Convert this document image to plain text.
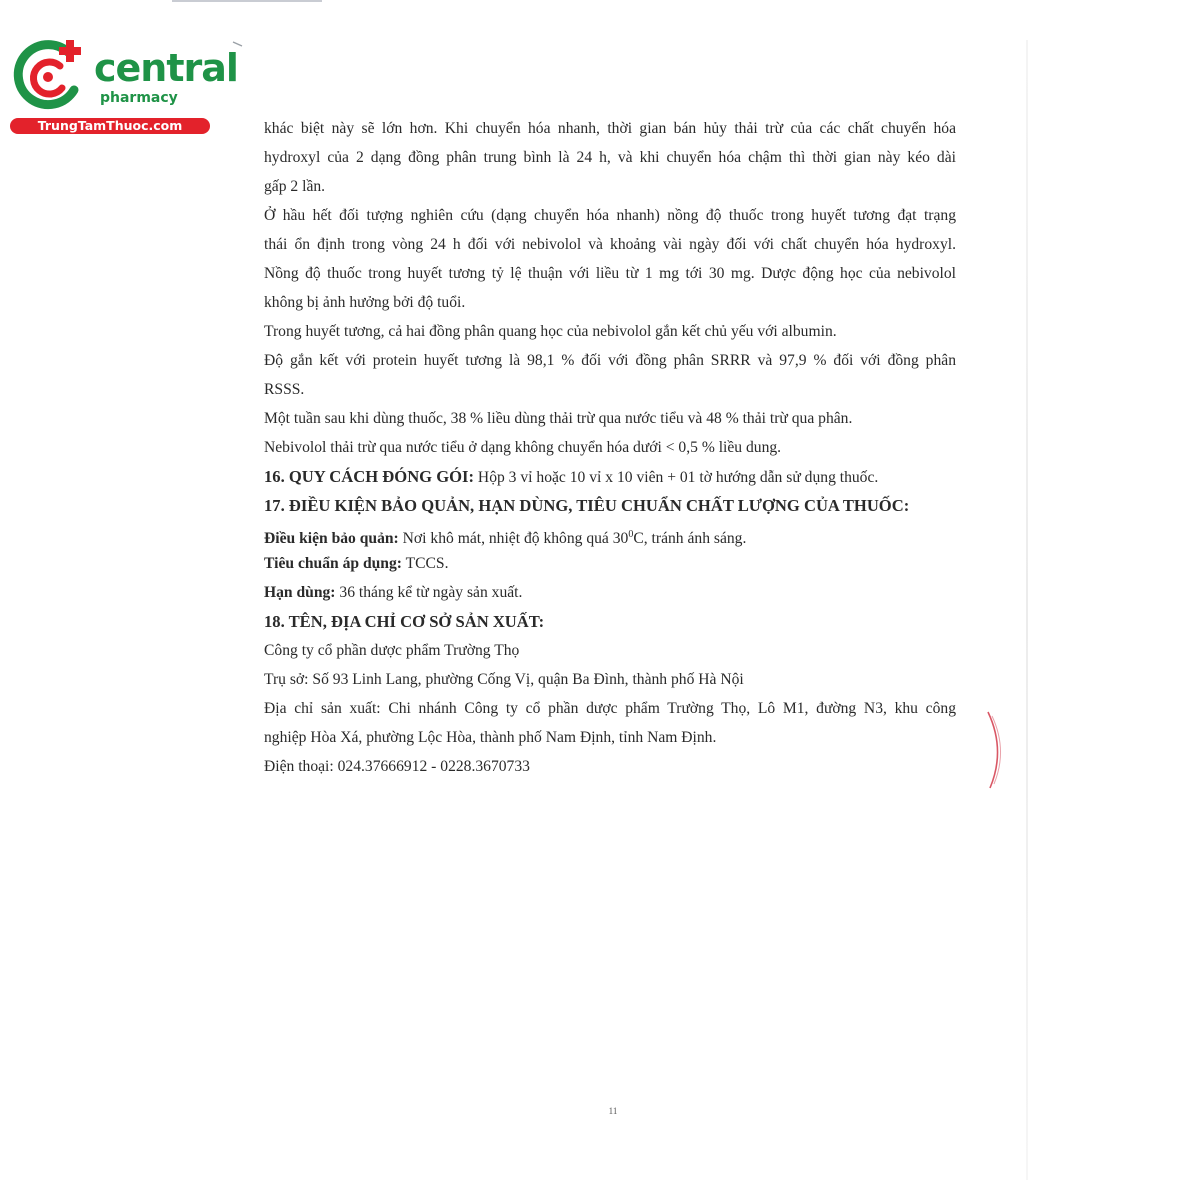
central
pharmacy
TrungTamThuoc.com	khác biệt này sẽ lớn hơn. Khi chuyển hóa nhanh, thời gian bán hủy thải trừ của các chất chuyển hóa
hydroxyl của 2 dạng đồng phân trung bình là 24 h, và khi chuyển hóa chậm thì thời gian này kéo dài
gấp 2 lần.
Ở hầu hết đối tượng nghiên cứu (dạng chuyển hóa nhanh) nồng độ thuốc trong huyết tương đạt trạng
thái ổn định trong vòng 24 h đối với nebivolol và khoảng vài ngày đối với chất chuyển hóa hydroxyl.
Nồng độ thuốc trong huyết tương tỷ lệ thuận với liều từ 1 mg tới 30 mg. Dược động học của nebivolol
không bị ảnh hưởng bởi độ tuổi.
Trong huyết tương, cả hai đồng phân quang học của nebivolol gắn kết chủ yếu với albumin.
Độ gắn kết với protein huyết tương là 98,1 % đối với đồng phân SRRR và 97,9 % đối với đồng phân
RSSS.
Một tuần sau khi dùng thuốc, 38 % liều dùng thải trừ qua nước tiểu và 48 % thải trừ qua phân.
Nebivolol thải trừ qua nước tiểu ở dạng không chuyển hóa dưới < 0,5 % liều dung.
16. QUY CÁCH ĐÓNG GÓI: Hộp 3 vỉ hoặc 10 vỉ x 10 viên + 01 tờ hướng dẫn sử dụng thuốc.
17. ĐIỀU KIỆN BẢO QUẢN, HẠN DÙNG, TIÊU CHUẨN CHẤT LƯỢNG CỦA THUỐC:
Điều kiện bảo quản: Nơi khô mát, nhiệt độ không quá $30^0C$, tránh ánh sáng.
Tiêu chuẩn áp dụng: TCCS.
Hạn dùng: 36 tháng kể từ ngày sản xuất.
18. TÊN, ĐỊA CHỈ CƠ SỞ SẢN XUẤT:
Công ty cổ phần dược phẩm Trường Thọ
Trụ sở: Số 93 Linh Lang, phường Cống Vị, quận Ba Đình, thành phố Hà Nội
Địa chỉ sản xuất: Chi nhánh Công ty cổ phần dược phẩm Trường Thọ, Lô M1, đường N3, khu công
nghiệp Hòa Xá, phường Lộc Hòa, thành phố Nam Định, tỉnh Nam Định.
Điện thoại: 024.37666912 - 0228.3670733
11
